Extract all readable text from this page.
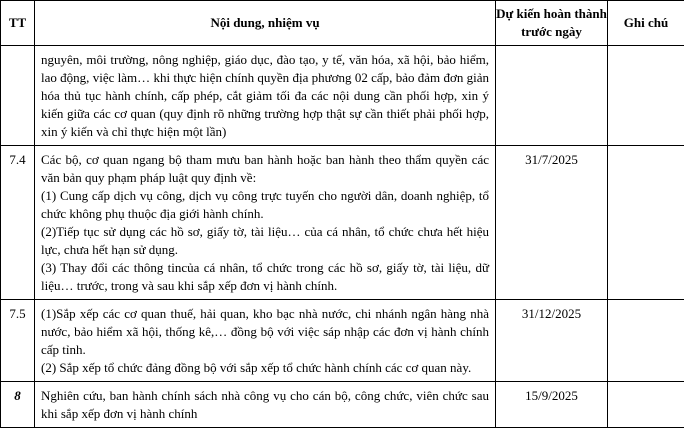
TT	Nội dung, nhiệm vụ	Dự kiến hoàn thành
trước ngày	Ghi chú

	nguyên, môi trường, nông nghiệp, giáo dục, đào tạo, y tế, văn hóa, xã hội, bảo hiểm, lao động, việc làm… khi thực hiện chính quyền địa phương 02 cấp, bảo đảm đơn giản hóa thủ tục hành chính, cấp phép, cắt giảm tối đa các nội dung cần phối hợp, xin ý kiến giữa các cơ quan (quy định rõ những trường hợp thật sự cần thiết phải phối hợp, xin ý kiến và chỉ thực hiện một lần)		

7.4	Các bộ, cơ quan ngang bộ tham mưu ban hành hoặc ban hành theo thẩm quyền các văn bản quy phạm pháp luật quy định về:

(1) Cung cấp dịch vụ công, dịch vụ công trực tuyến cho người dân, doanh nghiệp, tổ chức không phụ thuộc địa giới hành chính.

(2)Tiếp tục sử dụng các hồ sơ, giấy tờ, tài liệu… của cá nhân, tổ chức chưa hết hiệu lực, chưa hết hạn sử dụng.

(3) Thay đổi các thông tincủa cá nhân, tổ chức trong các hồ sơ, giấy tờ, tài liệu, dữ liệu… trước, trong và sau khi sắp xếp đơn vị hành chính.	31/7/2025	
7.5	(1)Sắp xếp các cơ quan thuế, hải quan, kho bạc nhà nước, chi nhánh ngân hàng nhà nước, bảo hiểm xã hội, thống kê,… đồng bộ với việc sáp nhập các đơn vị hành chính cấp tỉnh.

(2) Sắp xếp tổ chức đảng đồng bộ với sắp xếp tổ chức hành chính các cơ quan này.	31/12/2025	
8	Nghiên cứu, ban hành chính sách nhà công vụ cho cán bộ, công chức, viên chức sau khi sắp xếp đơn vị hành chính	15/9/2025	
